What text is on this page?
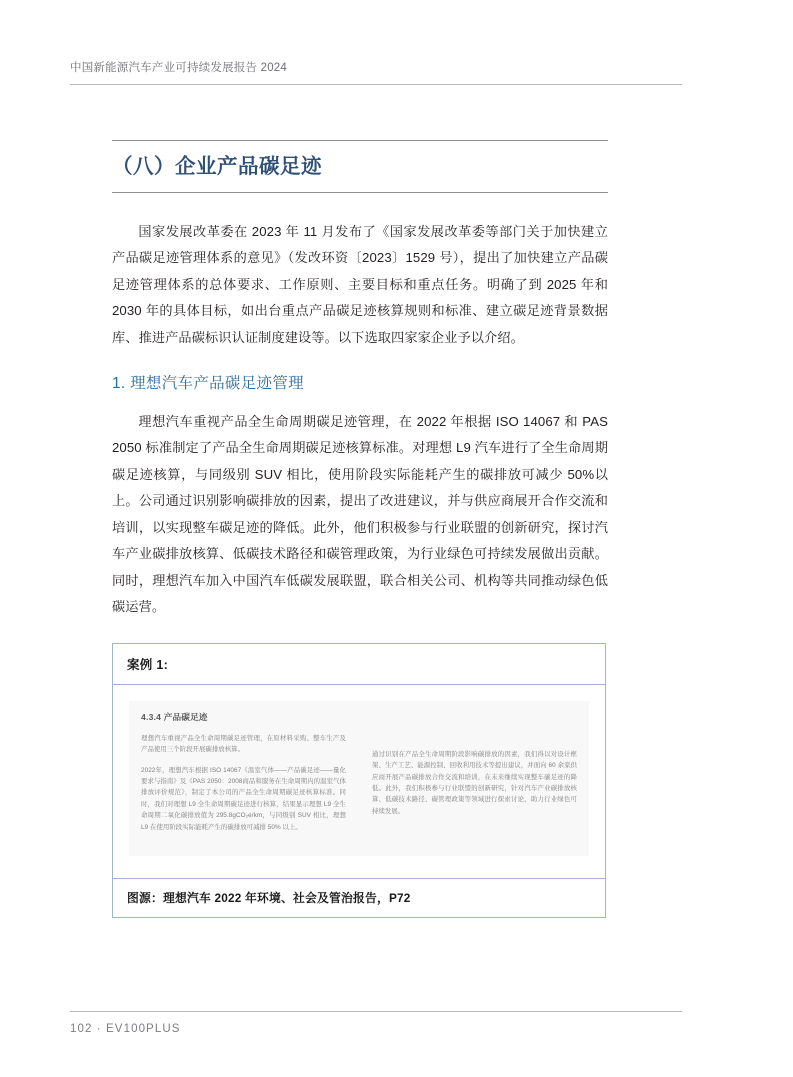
中国新能源汽车产业可持续发展报告 2024
（八）企业产品碳足迹

国家发展改革委在 2023 年 11 月发布了《国家发展改革委等部门关于加快建立产品碳足迹管理体系的意见》（发改环资〔2023〕1529 号），提出了加快建立产品碳足迹管理体系的总体要求、工作原则、主要目标和重点任务。明确了到 2025 年和 2030 年的具体目标，如出台重点产品碳足迹核算规则和标准、建立碳足迹背景数据库、推进产品碳标识认证制度建设等。以下选取四家家企业予以介绍。

1. 理想汽车产品碳足迹管理

理想汽车重视产品全生命周期碳足迹管理，在 2022 年根据 ISO 14067 和 PAS 2050 标准制定了产品全生命周期碳足迹核算标准。对理想 L9 汽车进行了全生命周期碳足迹核算，与同级别 SUV 相比，使用阶段实际能耗产生的碳排放可减少 50%以上。公司通过识别影响碳排放的因素，提出了改进建议，并与供应商展开合作交流和培训，以实现整车碳足迹的降低。此外，他们积极参与行业联盟的创新研究，探讨汽车产业碳排放核算、低碳技术路径和碳管理政策，为行业绿色可持续发展做出贡献。同时，理想汽车加入中国汽车低碳发展联盟，联合相关公司、机构等共同推动绿色低碳运营。

案例 1:
4.3.4 产品碳足迹

理想汽车重视产品全生命周期碳足迹管理，在原材料采购、整车生产及产品使用三个阶段开展碳排放核算。

2022年，理想汽车根据 ISO 14067《温室气体——产品碳足迹——量化要求与指南》及《PAS 2050：2008商品和服务在生命周期内的温室气体排放评价规范》，制定了本公司的产品全生命周期碳足迹核算标准。同时，我们对理想 L9 全生命周期碳足迹进行核算，结果显示理想 L9 全生命周期二氧化碳排放值为 295.8gCO₂e/km，与同级别 SUV 相比，理想 L9 在使用阶段实际能耗产生的碳排放可减排 50% 以上。

通过识别在产品全生命周期阶段影响碳排放的因素，我们得以对设计框架、生产工艺、能源控制、回收利用技术等提出建议，并面向 60 余家供应商开展产品碳排放合作交流和培训，在未来继续实现整车碳足迹的降低。此外，我们积极参与行业联盟的创新研究，针对汽车产业碳排放核算、低碳技术路径、碳管理政策等领域进行探索讨论，助力行业绿色可持续发展。

图源：理想汽车 2022 年环境、社会及管治报告，P72
102 · EV100PLUS
